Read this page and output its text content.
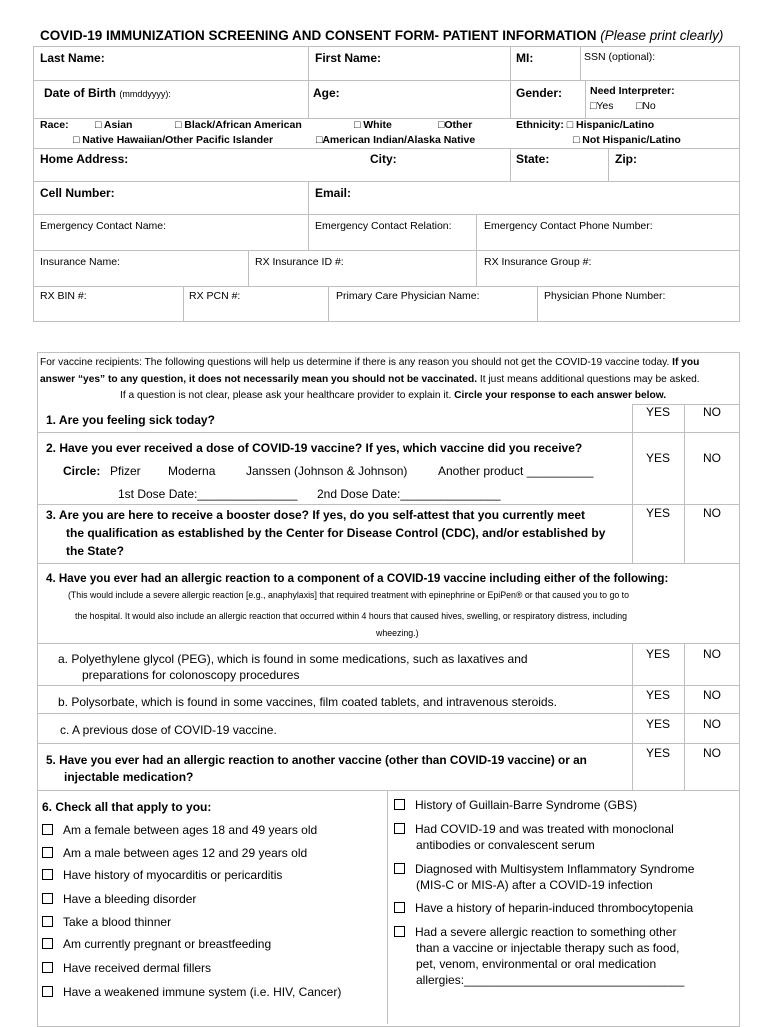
COVID-19 IMMUNIZATION SCREENING AND CONSENT FORM- PATIENT INFORMATION (Please print clearly)
Last Name:	First Name:	MI:	SSN (optional):
Date of Birth (mmddyyyy):	Age:	Gender:	Need Interpreter:
□Yes □No
Race:	□ Asian	□ Black/African American	□ White	□Other
□ Native Hawaiian/Other Pacific Islander	□American Indian/Alaska Native
Ethnicity: □ Hispanic/Latino
□ Not Hispanic/Latino
Home Address:	City:	State:	Zip:
Cell Number:	Email:
Emergency Contact Name:	Emergency Contact Relation:	Emergency Contact Phone Number:
Insurance Name:	RX Insurance ID #:	RX Insurance Group #:
RX BIN #:	RX PCN #:	Primary Care Physician Name:	Physician Phone Number:
For vaccine recipients: The following questions will help us determine if there is any reason you should not get the COVID-19 vaccine today. If you
answer “yes” to any question, it does not necessarily mean you should not be vaccinated. It just means additional questions may be asked.
If a question is not clear, please ask your healthcare provider to explain it. Circle your response to each answer below.
1. Are you feeling sick today?
YES	NO
2. Have you ever received a dose of COVID-19 vaccine? If yes, which vaccine did you receive?
Circle: Pfizer Moderna	Janssen (Johnson & Johnson)	Another product __________
1st Dose Date:_______________ 2nd Dose Date:_______________
YES	NO
3. Are you are here to receive a booster dose? If yes, do you self-attest that you currently meet
the qualification as established by the Center for Disease Control (CDC), and/or established by
the State?
YES	NO
4. Have you ever had an allergic reaction to a component of a COVID-19 vaccine including either of the following:
(This would include a severe allergic reaction [e.g., anaphylaxis] that required treatment with epinephrine or EpiPen® or that caused you to go to
the hospital. It would also include an allergic reaction that occurred within 4 hours that caused hives, swelling, or respiratory distress, including
wheezing.)
a. Polyethylene glycol (PEG), which is found in some medications, such as laxatives and
preparations for colonoscopy procedures
YES	NO
b. Polysorbate, which is found in some vaccines, film coated tablets, and intravenous steroids.	YES	NO
c. A previous dose of COVID-19 vaccine.	YES	NO
5. Have you ever had an allergic reaction to another vaccine (other than COVID-19 vaccine) or an
injectable medication?
YES	NO
6. Check all that apply to you:
Am a female between ages 18 and 49 years old
Am a male between ages 12 and 29 years old
Have history of myocarditis or pericarditis
Have a bleeding disorder
Take a blood thinner
Am currently pregnant or breastfeeding
Have received dermal fillers
Have a weakened immune system (i.e. HIV, Cancer)
History of Guillain-Barre Syndrome (GBS)
Had COVID-19 and was treated with monoclonal
antibodies or convalescent serum
Diagnosed with Multisystem Inflammatory Syndrome
(MIS-C or MIS-A) after a COVID-19 infection
Have a history of heparin-induced thrombocytopenia
Had a severe allergic reaction to something other
than a vaccine or injectable therapy such as food,
pet, venom, environmental or oral medication
allergies:_________________________________
